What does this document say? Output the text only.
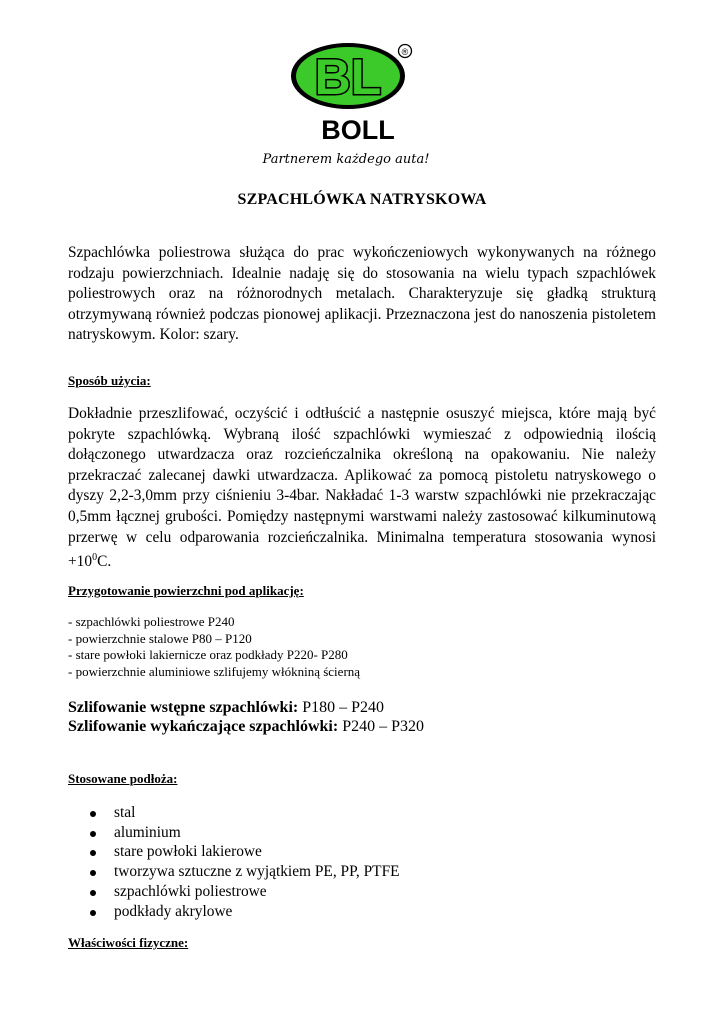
BL ®
BOLL
Partnerem każdego auta!
SZPACHLÓWKA NATRYSKOWA
Szpachlówka poliestrowa służąca do prac wykończeniowych wykonywanych na różnego rodzaju powierzchniach. Idealnie nadaję się do stosowania na wielu typach szpachlówek poliestrowych oraz na różnorodnych metalach. Charakteryzuje się gładką strukturą otrzymywaną również podczas pionowej aplikacji. Przeznaczona jest do nanoszenia pistoletem natryskowym. Kolor: szary.
Sposób użycia:
Dokładnie przeszlifować, oczyścić i odtłuścić a następnie osuszyć miejsca, które mają być pokryte szpachlówką. Wybraną ilość szpachlówki wymieszać z odpowiednią ilością dołączonego utwardzacza oraz rozcieńczalnika określoną na opakowaniu. Nie należy przekraczać zalecanej dawki utwardzacza. Aplikować za pomocą pistoletu natryskowego o dyszy 2,2-3,0mm przy ciśnieniu 3-4bar. Nakładać 1-3 warstw szpachlówki nie przekraczając 0,5mm łącznej grubości. Pomiędzy następnymi warstwami należy zastosować kilkuminutową przerwę w celu odparowania rozcieńczalnika. Minimalna temperatura stosowania wynosi $+10^0C$.
Przygotowanie powierzchni pod aplikację:
- szpachlówki poliestrowe P240
- powierzchnie stalowe P80 – P120
- stare powłoki lakiernicze oraz podkłady P220- P280
- powierzchnie aluminiowe szlifujemy włókniną ścierną
Szlifowanie wstępne szpachlówki: P180 – P240
Szlifowanie wykańczające szpachlówki: P240 – P320
Stosowane podłoża:
stal
aluminium
stare powłoki lakierowe
tworzywa sztuczne z wyjątkiem PE, PP, PTFE
szpachlówki poliestrowe
podkłady akrylowe
Właściwości fizyczne:
